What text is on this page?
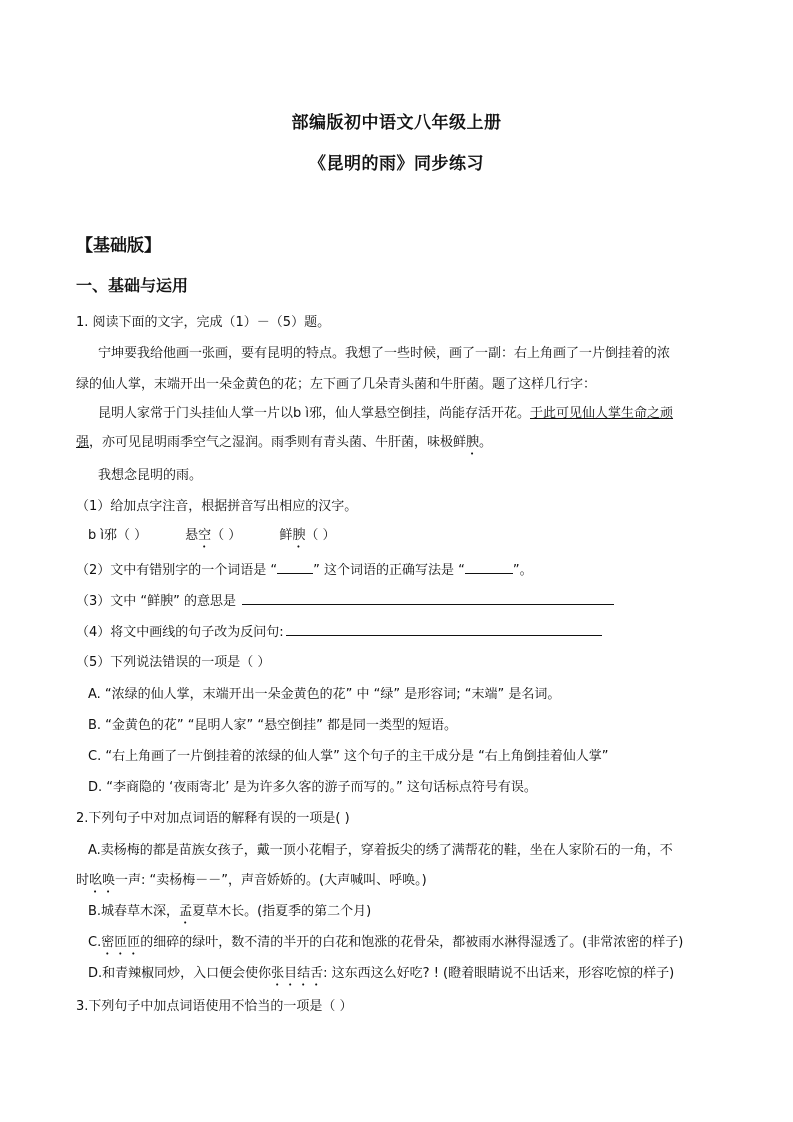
部编版初中语文八年级上册
《昆明的雨》同步练习
【基础版】
一、基础与运用
1. 阅读下面的文字，完成（1）－（5）题。
宁坤要我给他画一张画，要有昆明的特点。我想了一些时候，画了一副：右上角画了一片倒挂着的浓
绿的仙人掌，末端开出一朵金黄色的花；左下画了几朵青头菌和牛肝菌。题了这样几行字：
昆明人家常于门头挂仙人掌一片以b ì邪，仙人掌悬空倒挂，尚能存活开花。于此可见仙人掌生命之顽
强，亦可见昆明雨季空气之湿润。雨季则有青头菌、牛肝菌，味极鲜腴。
我想念昆明的雨。
（1）给加点字注音，根据拼音写出相应的汉字。
b ì邪（ ）	悬空（ ）	鲜腴（ ）
（2）文中有错别字的一个词语是 “	” 这个词语的正确写法是 “	”。
（3）文中 “鲜腴” 的意思是
（4）将文中画线的句子改为反问句:
（5）下列说法错误的一项是（ ）
A. “浓绿的仙人掌，末端开出一朵金黄色的花” 中 “绿” 是形容词; “末端” 是名词。
B. “金黄色的花” “昆明人家” “悬空倒挂” 都是同一类型的短语。
C. “右上角画了一片倒挂着的浓绿的仙人掌” 这个句子的主干成分是 “右上角倒挂着仙人掌”
D. “李商隐的 ‘夜雨寄北’ 是为许多久客的游子而写的。” 这句话标点符号有误。
2.下列句子中对加点词语的解释有误的一项是( )
A.卖杨梅的都是苗族女孩子，戴一顶小花帽子，穿着扳尖的绣了满帮花的鞋，坐在人家阶石的一角，不
时吆唤一声: “卖杨梅－－”，声音娇娇的。(大声喊叫、呼唤。)
B.城春草木深，孟夏草木长。(指夏季的第二个月)
C.密匝匝的细碎的绿叶，数不清的半开的白花和饱涨的花骨朵，都被雨水淋得湿透了。(非常浓密的样子)
D.和青辣椒同炒，入口便会使你张目结舌: 这东西这么好吃? ! (瞪着眼睛说不出话来，形容吃惊的样子)
3.下列句子中加点词语使用不恰当的一项是（ ）
